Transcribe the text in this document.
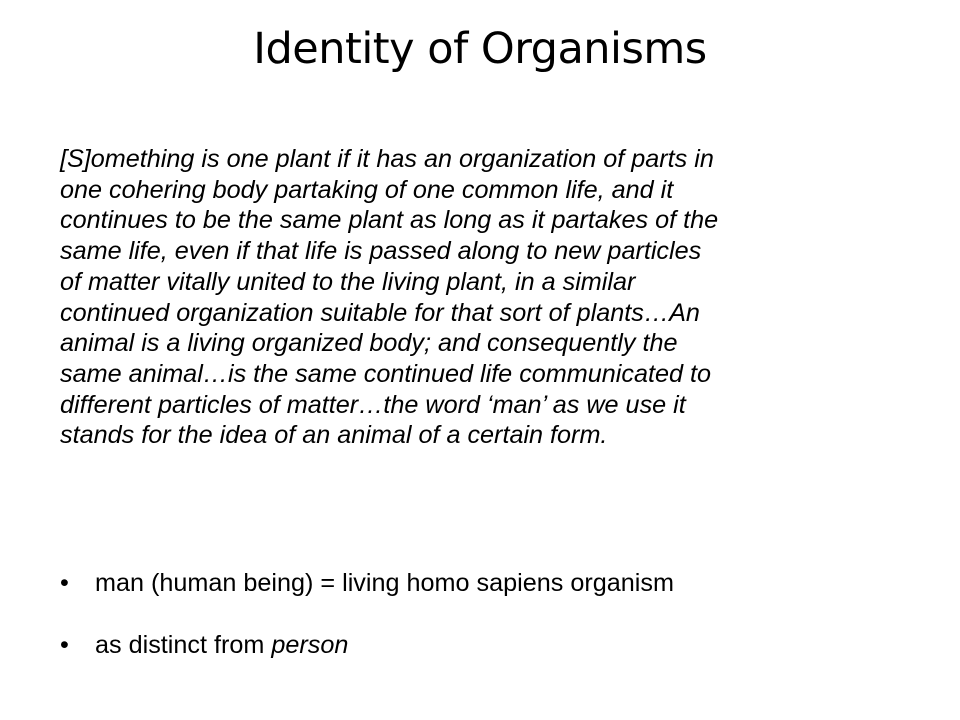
Identity of Organisms
[S]omething is one plant if it has an organization of parts in
one cohering body partaking of one common life, and it
continues to be the same plant as long as it partakes of the
same life, even if that life is passed along to new particles
of matter vitally united to the living plant, in a similar
continued organization suitable for that sort of plants…An
animal is a living organized body; and consequently the
same animal…is the same continued life communicated to
different particles of matter…the word ‘man’ as we use it
stands for the idea of an animal of a certain form.
• man (human being) = living homo sapiens organism
• as distinct from person
